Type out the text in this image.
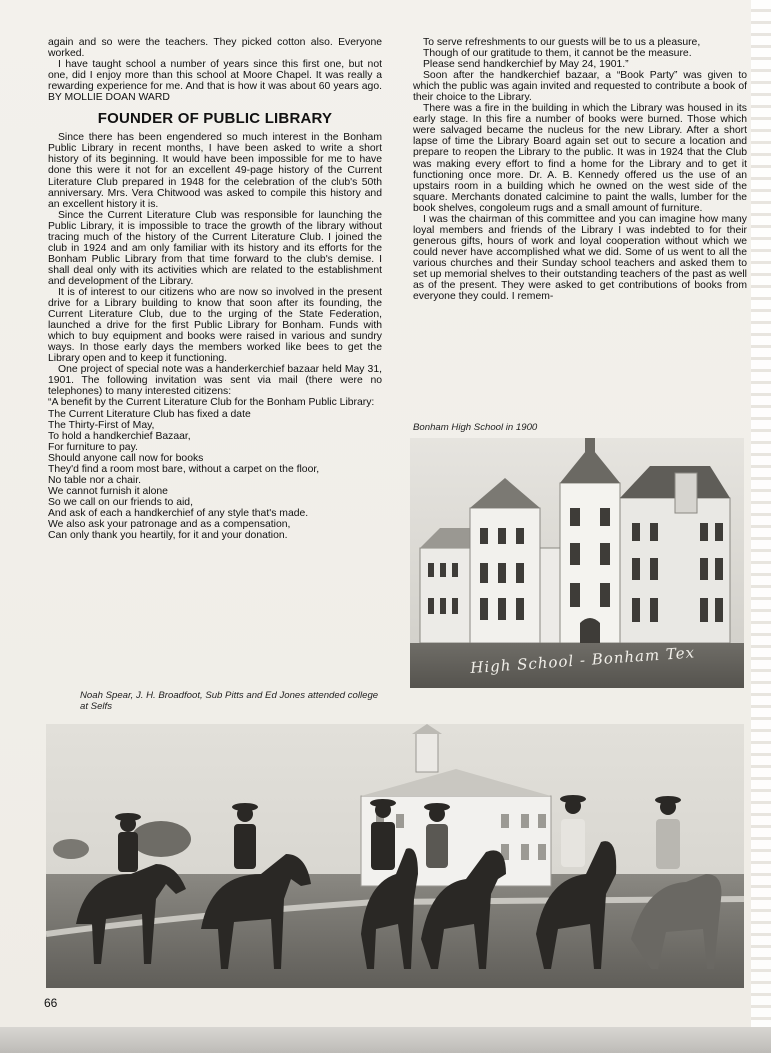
again and so were the teachers. They picked cotton also. Everyone worked.

I have taught school a number of years since this first one, but not one, did I enjoy more than this school at Moore Chapel. It was really a rewarding experience for me. And that is how it was about 60 years ago. BY MOLLIE DOAN WARD

FOUNDER OF PUBLIC LIBRARY

Since there has been engendered so much interest in the Bonham Public Library in recent months, I have been asked to write a short history of its beginning. It would have been impossible for me to have done this were it not for an excellent 49-page history of the Current Literature Club prepared in 1948 for the celebration of the club's 50th anniversary. Mrs. Vera Chitwood was asked to compile this history and an excellent history it is.

Since the Current Literature Club was responsible for launching the Public Library, it is impossible to trace the growth of the library without tracing much of the history of the Current Literature Club. I joined the club in 1924 and am only familiar with its history and its efforts for the Bonham Public Library from that time forward to the club's demise. I shall deal only with its activities which are related to the establishment and development of the Library.

It is of interest to our citizens who are now so involved in the present drive for a Library building to know that soon after its founding, the Current Literature Club, due to the urging of the State Federation, launched a drive for the first Public Library for Bonham. Funds with which to buy equipment and books were raised in various and sundry ways. In those early days the members worked like bees to get the Library open and to keep it functioning.

One project of special note was a handerkerchief bazaar held May 31, 1901. The following invitation was sent via mail (there were no telephones) to many interested citizens:

“A benefit by the Current Literature Club for the Bonham Public Library: The Current Literature Club has fixed a date

The Thirty-First of May,

To hold a handkerchief Bazaar,

For furniture to pay.

Should anyone call now for books

They'd find a room most bare, without a carpet on the floor,

No table nor a chair.

We cannot furnish it alone

So we call on our friends to aid,

And ask of each a handkerchief of any style that's made.

We also ask your patronage and as a compensation,

Can only thank you heartily, for it and your donation.

Noah Spear, J. H. Broadfoot, Sub Pitts and Ed Jones attended college at Selfs

To serve refreshments to our guests will be to us a pleasure,

Though of our gratitude to them, it cannot be the measure.

Please send handkerchief by May 24, 1901.”

Soon after the handkerchief bazaar, a “Book Party” was given to which the public was again invited and requested to contribute a book of their choice to the Library.

There was a fire in the building in which the Library was housed in its early stage. In this fire a number of books were burned. Those which were salvaged became the nucleus for the new Library. After a short lapse of time the Library Board again set out to secure a location and prepare to reopen the Library to the public. It was in 1924 that the Club was making every effort to find a home for the Library and to get it functioning once more. Dr. A. B. Kennedy offered us the use of an upstairs room in a building which he owned on the west side of the square. Merchants donated calcimine to paint the walls, lumber for the book shelves, congoleum rugs and a small amount of furniture.

I was the chairman of this committee and you can imagine how many loyal members and friends of the Library I was indebted to for their generous gifts, hours of work and loyal cooperation without which we could never have accomplished what we did. Some of us went to all the various churches and their Sunday school teachers and asked them to set up memorial shelves to their outstanding teachers of the past as well as of the present. They were asked to get contributions of books from everyone they could. I remem-

Bonham High School in 1900
High School - Bonham Tex
66
